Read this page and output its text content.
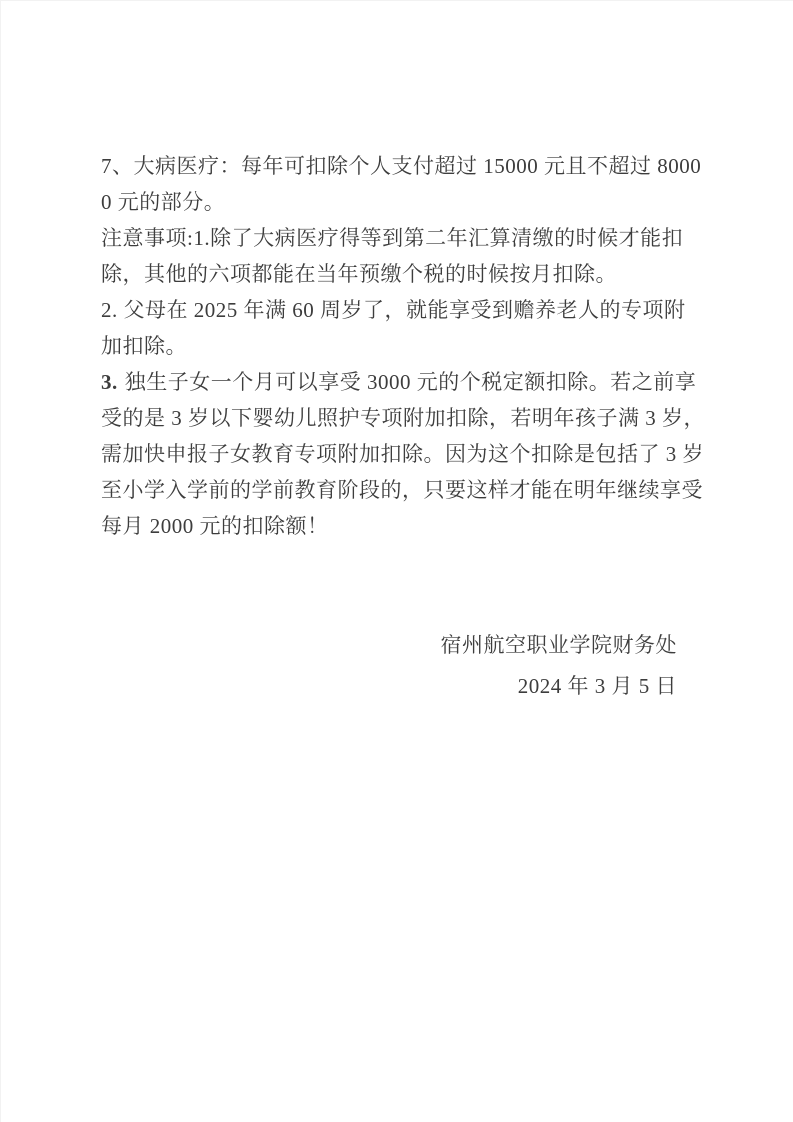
7、大病医疗：每年可扣除个人支付超过 15000 元且不超过 8000
0 元的部分。
注意事项:1.除了大病医疗得等到第二年汇算清缴的时候才能扣
除，其他的六项都能在当年预缴个税的时候按月扣除。
2. 父母在 2025 年满 60 周岁了，就能享受到赡养老人的专项附
加扣除。
3. 独生子女一个月可以享受 3000 元的个税定额扣除。若之前享
受的是 3 岁以下婴幼儿照护专项附加扣除，若明年孩子满 3 岁，
需加快申报子女教育专项附加扣除。因为这个扣除是包括了 3 岁
至小学入学前的学前教育阶段的，只要这样才能在明年继续享受
每月 2000 元的扣除额！
宿州航空职业学院财务处
2024 年 3 月 5 日
